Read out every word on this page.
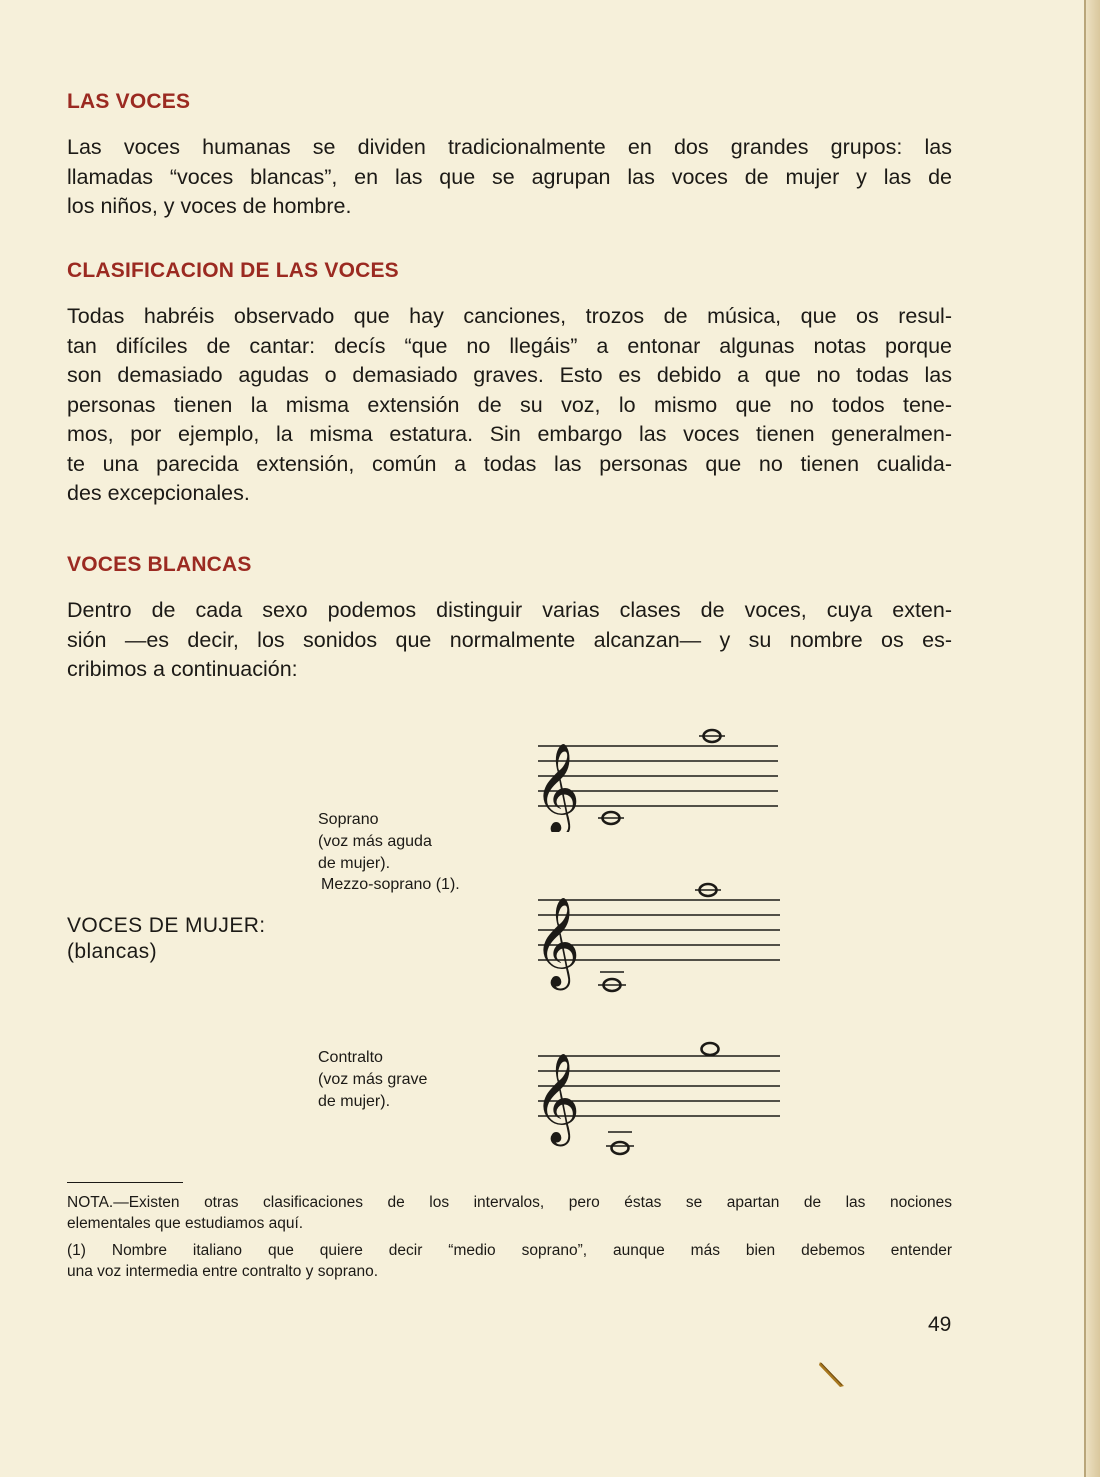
LAS VOCES
Las voces humanas se dividen tradicionalmente en dos grandes grupos: las
llamadas “voces blancas”, en las que se agrupan las voces de mujer y las de
los niños, y voces de hombre.
CLASIFICACION DE LAS VOCES
Todas habréis observado que hay canciones, trozos de música, que os resul-
tan difíciles de cantar: decís “que no llegáis” a entonar algunas notas porque
son demasiado agudas o demasiado graves. Esto es debido a que no todas las
personas tienen la misma extensión de su voz, lo mismo que no todos tene-
mos, por ejemplo, la misma estatura. Sin embargo las voces tienen generalmen-
te una parecida extensión, común a todas las personas que no tienen cualida-
des excepcionales.
VOCES BLANCAS
Dentro de cada sexo podemos distinguir varias clases de voces, cuya exten-
sión —es decir, los sonidos que normalmente alcanzan— y su nombre os es-
cribimos a continuación:
Soprano
(voz más aguda
de mujer).
Mezzo-soprano (1).
VOCES DE MUJER:
(blancas)
Contralto
(voz más grave
de mujer).
𝄞
𝄞
𝄞
NOTA.—Existen otras clasificaciones de los intervalos, pero éstas se apartan de las nociones
elementales que estudiamos aquí.
(1) Nombre italiano que quiere decir “medio soprano”, aunque más bien debemos entender
una voz intermedia entre contralto y soprano.
49
